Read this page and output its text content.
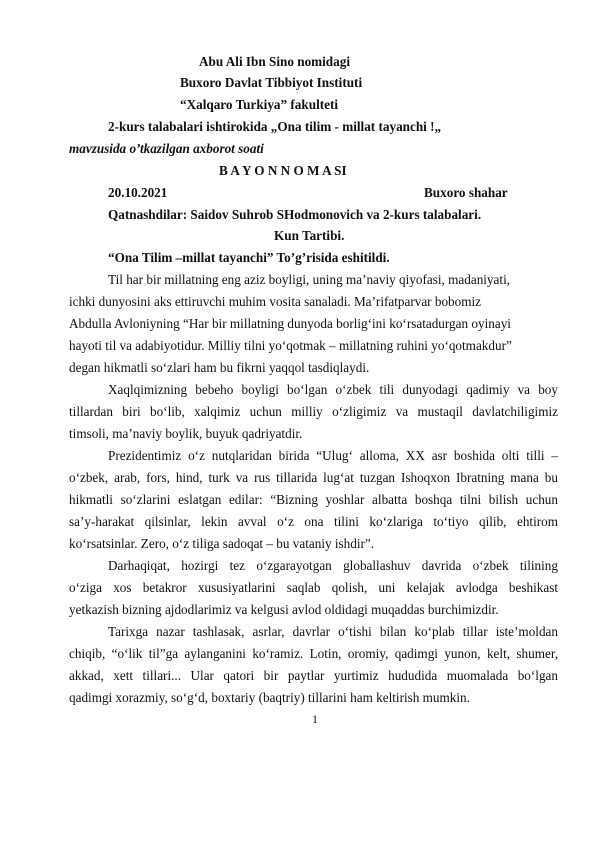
Abu Ali Ibn Sino nomidagi
Buxoro Davlat Tibbiyot Instituti
“Xalqaro Turkiya” fakulteti
2-kurs talabalari ishtirokida „Ona tilim - millat tayanchi !„
mavzusida o’tkazilgan axborot soati
B A Y O N N O M A SI
20.10.2021	Buxoro shahar
Qatnashdilar: Saidov Suhrob SHodmonovich va 2-kurs talabalari.
Kun Tartibi.
“Ona Tilim –millat tayanchi” To’g’risida eshitildi.
Til har bir millatning eng aziz boyligi, uning ma’naviy qiyofasi, madaniyati,
ichki dunyosini aks ettiruvchi muhim vosita sanaladi. Ma’rifatparvar bobomiz
Abdulla Avloniyning “Har bir millatning dunyoda borlig‘ini ko‘rsatadurgan oyinayi
hayoti til va adabiyotidur. Milliy tilni yo‘qotmak – millatning ruhini yo‘qotmakdur”
degan hikmatli so‘zlari ham bu fikrni yaqqol tasdiqlaydi.
Xaqlqimizning bebeho boyligi bo‘lgan o‘zbek tili dunyodagi qadimiy va boy
tillardan biri bo‘lib, xalqimiz uchun milliy o‘zligimiz va mustaqil davlatchiligimiz
timsoli, ma’naviy boylik, buyuk qadriyatdir.
Prezidentimiz o‘z nutqlaridan birida “Ulug‘ alloma, XX asr boshida olti tilli –
o‘zbek, arab, fors, hind, turk va rus tillarida lug‘at tuzgan Ishoqxon Ibratning mana bu
hikmatli so‘zlarini eslatgan edilar: “Bizning yoshlar albatta boshqa tilni bilish uchun
sa’y-harakat qilsinlar, lekin avval o‘z ona tilini ko‘zlariga to‘tiyo qilib, ehtirom
ko‘rsatsinlar. Zero, o‘z tiliga sadoqat – bu vataniy ishdir”.
Darhaqiqat, hozirgi tez o‘zgarayotgan globallashuv davrida o‘zbek tilining
o‘ziga xos betakror xususiyatlarini saqlab qolish, uni kelajak avlodga beshikast
yetkazish bizning ajdodlarimiz va kelgusi avlod oldidagi muqaddas burchimizdir.
Tarixga nazar tashlasak, asrlar, davrlar o‘tishi bilan ko‘plab tillar iste’moldan
chiqib, “o‘lik til”ga aylanganini ko‘ramiz. Lotin, oromiy, qadimgi yunon, kelt, shumer,
akkad, xett tillari... Ular qatori bir paytlar yurtimiz hududida muomalada bo‘lgan
qadimgi xorazmiy, so‘g‘d, boxtariy (baqtriy) tillarini ham keltirish mumkin.
1
